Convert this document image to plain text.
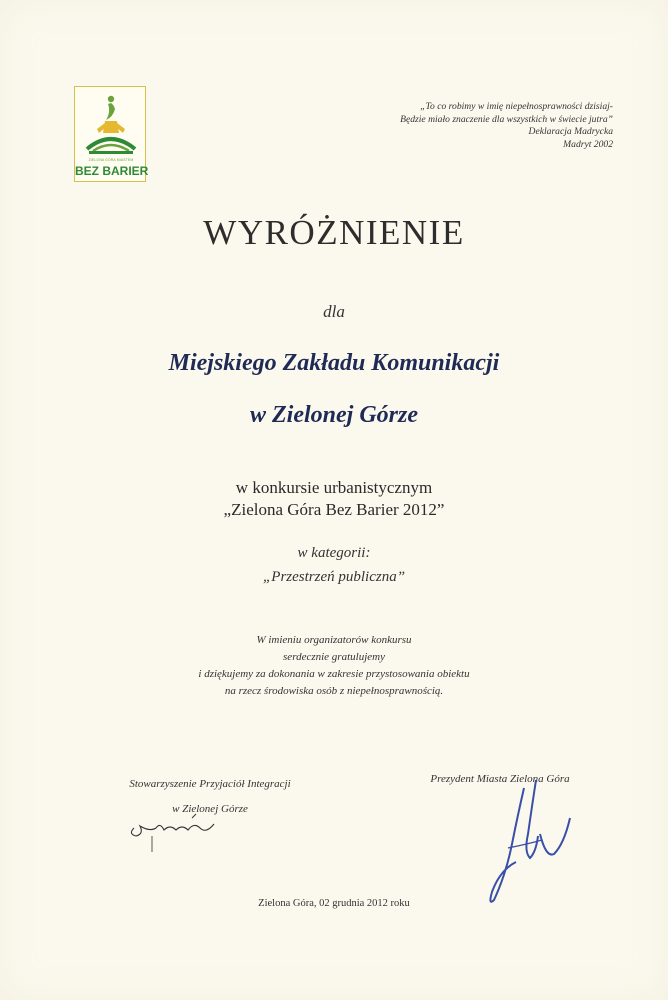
ZIELONA GÓRA MIASTEM
BEZ BARIER
„To co robimy w imię niepełnosprawności dzisiaj-
Będzie miało znaczenie dla wszystkich w świecie jutra”
Deklaracja Madrycka
Madryt 2002
WYRÓŻNIENIE
dla
Miejskiego Zakładu Komunikacji
w Zielonej Górze
w konkursie urbanistycznym
„Zielona Góra Bez Barier 2012”
w kategorii:
„Przestrzeń publiczna”
W imieniu organizatorów konkursu
serdecznie gratulujemy
i dziękujemy za dokonania w zakresie przystosowania obiektu
na rzecz środowiska osób z niepełnosprawnością.
Stowarzyszenie Przyjaciół Integracji
w Zielonej Górze
Prezydent Miasta Zielona Góra
Zielona Góra, 02 grudnia 2012 roku
